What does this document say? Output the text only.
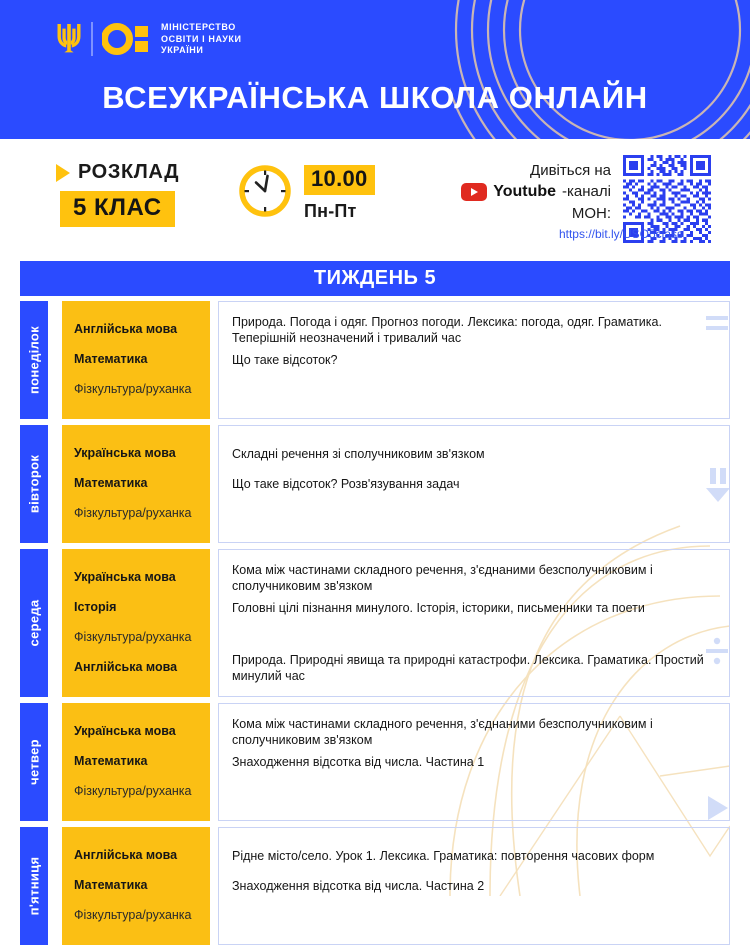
МІНІСТЕРСТВО
ОСВІТИ І НАУКИ
УКРАЇНИ
ВСЕУКРАЇНСЬКА ШКОЛА ОНЛАЙН
РОЗКЛАД
5 КЛАС
10.00
Пн-Пт
Дивіться на
Youtube -каналі
МОН:
https://bit.ly/USO5class
ТИЖДЕНЬ 5
понеділок	Англійська мова
Математика
Фізкультура/руханка
Природа. Погода і одяг. Прогноз погоди. Лексика: погода, одяг. Граматика. Теперішній неозначений і тривалий час
Що таке відсоток?
вівторок
Українська мова
Математика
Фізкультура/руханка
Складні речення зі сполучниковим зв'язком
Що таке відсоток? Розв'язування задач
середа
Українська мова
Історія
Фізкультура/руханка
Англійська мова
Кома між частинами складного речення, з'єднаними безсполучниковим і сполучниковим зв'язком
Головні цілі пізнання минулого. Історія, історики, письменники та поети
Природа. Природні явища та природні катастрофи. Лексика. Граматика. Простий минулий час
четвер
Українська мова
Математика
Фізкультура/руханка
Кома між частинами складного речення, з'єднаними безсполучниковим і сполучниковим зв'язком
Знаходження відсотка від числа. Частина 1
п'ятниця
Англійська мова
Математика
Фізкультура/руханка
Рідне місто/село. Урок 1. Лексика. Граматика: повторення часових форм
Знаходження відсотка від числа. Частина 2
